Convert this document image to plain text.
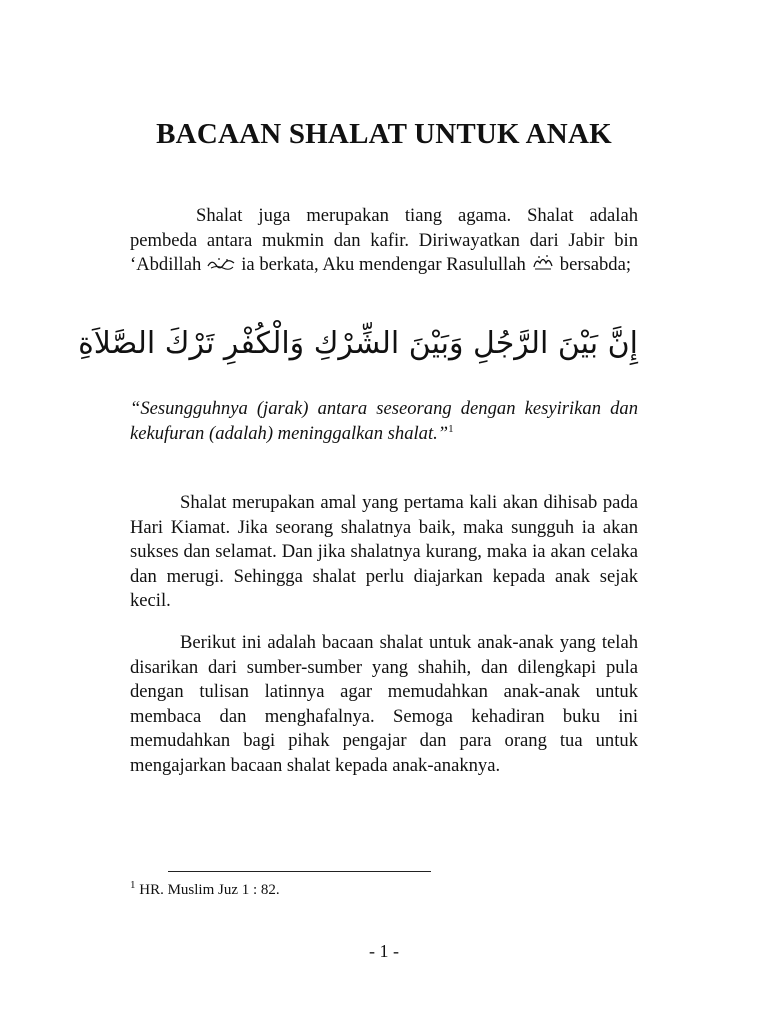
BACAAN SHALAT UNTUK ANAK
Shalat juga merupakan tiang agama. Shalat adalah pembeda antara mukmin dan kafir. Diriwayatkan dari Jabir bin ‘Abdillah ia berkata, Aku mendengar Rasulullah bersabda;
إِنَّ بَيْنَ الرَّجُلِ وَبَيْنَ الشِّرْكِ وَالْكُفْرِ تَرْكَ الصَّلاَةِ
“Sesungguhnya (jarak) antara seseorang dengan kesyirikan dan kekufuran (adalah) meninggalkan shalat.”$^1$
Shalat merupakan amal yang pertama kali akan dihisab pada Hari Kiamat. Jika seorang shalatnya baik, maka sungguh ia akan sukses dan selamat. Dan jika shalatnya kurang, maka ia akan celaka dan merugi. Sehingga shalat perlu diajarkan kepada anak sejak kecil.
Berikut ini adalah bacaan shalat untuk anak-anak yang telah disarikan dari sumber-sumber yang shahih, dan dilengkapi pula dengan tulisan latinnya agar memudahkan anak-anak untuk membaca dan menghafalnya. Semoga kehadiran buku ini memudahkan bagi pihak pengajar dan para orang tua untuk mengajarkan bacaan shalat kepada anak-anaknya.
$^1$ HR. Muslim Juz 1 : 82.
- 1 -
